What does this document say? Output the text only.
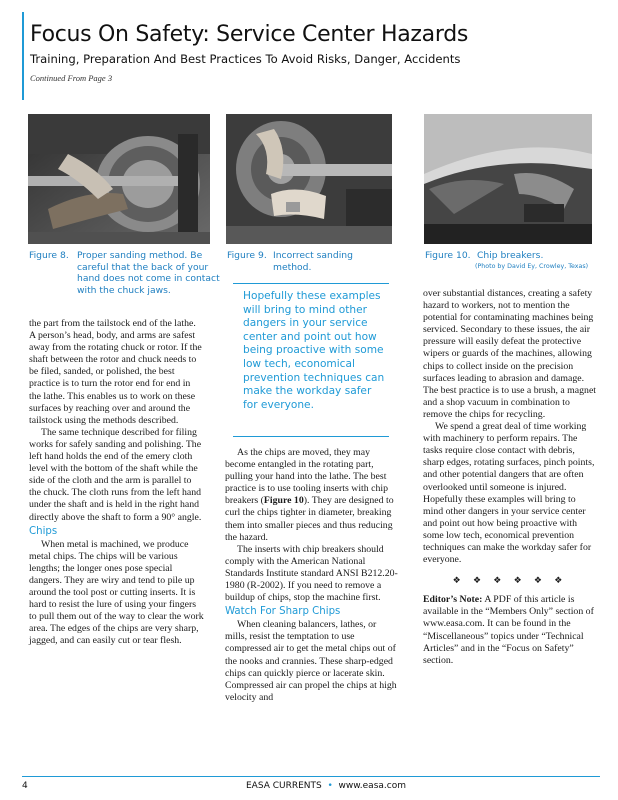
Focus On Safety: Service Center Hazards
Training, Preparation And Best Practices To Avoid Risks, Danger, Accidents
Continued From Page 3
Figure 8. Proper sanding method. Be careful that the back of your hand does not come in contact with the chuck jaws.
Figure 9. Incorrect sanding method.
Figure 10. Chip breakers.
(Photo by David Ey, Crowley, Texas)

Hopefully these examples will bring to mind other dangers in your service center and point out how being proactive with some low tech, economical prevention techniques can make the workday safer for everyone.

the part from the tailstock end of the lathe. A person’s head, body, and arms are safest away from the rotating chuck or rotor. If the shaft between the rotor and chuck needs to be filed, sanded, or polished, the best practice is to turn the rotor end for end in the lathe. This enables us to work on these surfaces by reaching over and around the tailstock using the methods described.

The same technique described for filing works for safely sanding and polishing. The left hand holds the end of the emery cloth level with the bottom of the shaft while the side of the cloth and the arm is parallel to the chuck. The cloth runs from the left hand under the shaft and is held in the right hand directly above the shaft to form a 90° angle.

Chips

When metal is machined, we produce metal chips. The chips will be various lengths; the longer ones pose special dangers. They are wiry and tend to pile up around the tool post or cutting inserts. It is hard to resist the lure of using your fingers to pull them out of the way to clear the work area. The edges of the chips are very sharp, jagged, and can easily cut or tear flesh.

As the chips are moved, they may become entangled in the rotating part, pulling your hand into the lathe. The best practice is to use tooling inserts with chip breakers (Figure 10). They are designed to curl the chips tighter in diameter, breaking them into smaller pieces and thus reducing the hazard.

The inserts with chip breakers should comply with the American National Standards Institute standard ANSI B212.20-1980 (R-2002). If you need to remove a buildup of chips, stop the machine first.

Watch For Sharp Chips

When cleaning balancers, lathes, or mills, resist the temptation to use compressed air to get the metal chips out of the nooks and crannies. These sharp-edged chips can quickly pierce or lacerate skin. Compressed air can propel the chips at high velocity and

over substantial distances, creating a safety hazard to workers, not to mention the potential for contaminating machines being serviced. Secondary to these issues, the air pressure will easily defeat the protective wipers or guards of the machines, allowing chips to collect inside on the precision surfaces leading to abrasion and damage. The best practice is to use a brush, a magnet and a shop vacuum in combination to remove the chips for recycling.

We spend a great deal of time working with machinery to perform repairs. The tasks require close contact with debris, sharp edges, rotating surfaces, pinch points, and other potential dangers that are often overlooked until someone is injured. Hopefully these examples will bring to mind other dangers in your service center and point out how being proactive with some low tech, economical prevention techniques can make the workday safer for everyone.

❖ ❖ ❖ ❖ ❖ ❖

Editor’s Note: A PDF of this article is available in the “Members Only” section of www.easa.com. It can be found in the “Miscellaneous” topics under “Technical Articles” and in the “Focus on Safety” section.

4	EASA CURRENTS • www.easa.com
